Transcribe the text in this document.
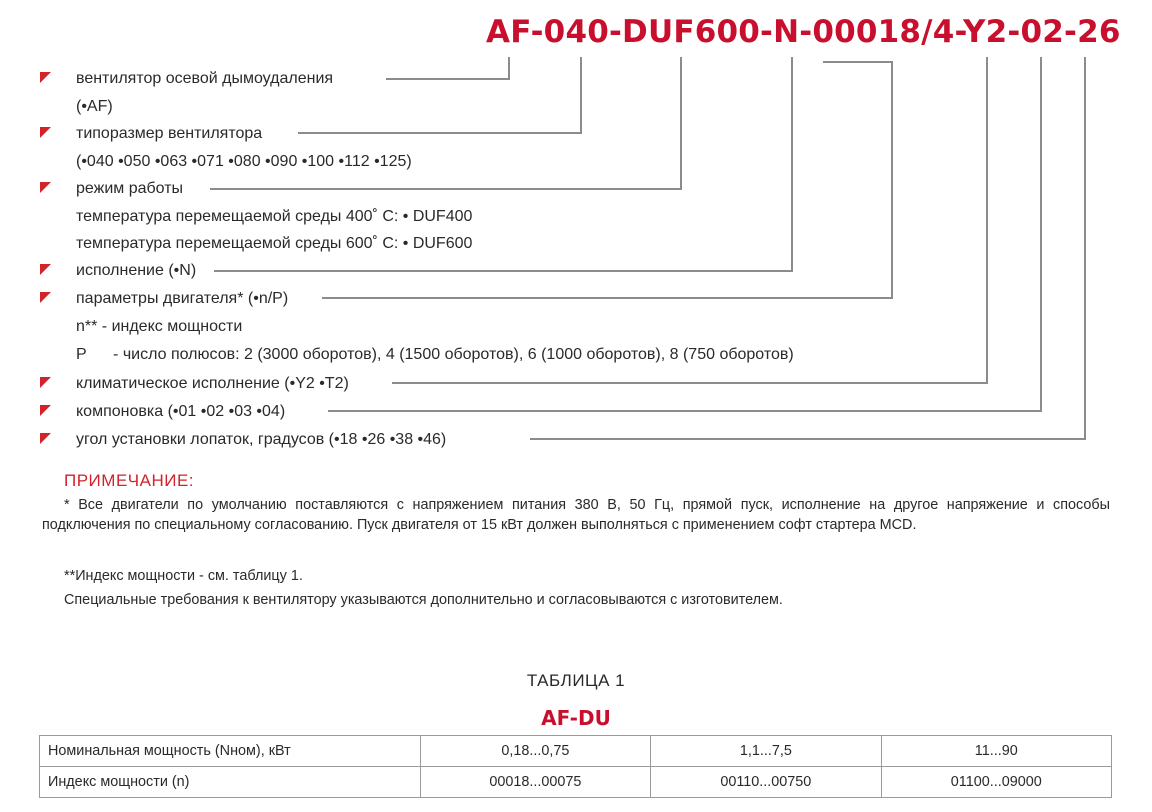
AF-040-DUF600-N-00018/4-Y2-02-26
вентилятор осевой дымоудаления
(•AF)
типоразмер вентилятора
(•040 •050 •063 •071 •080 •090 •100 •112 •125)
режим работы
температура перемещаемой среды 400˚ С: • DUF400
температура перемещаемой среды 600˚ С: • DUF600
исполнение (•N)
параметры двигателя* (•n/P)
n** - индекс мощности
P      - число полюсов: 2 (3000 оборотов), 4 (1500 оборотов), 6 (1000 оборотов), 8 (750 оборотов)
климатическое исполнение (•Y2 •T2)
компоновка (•01 •02 •03 •04)
угол установки лопаток, градусов (•18 •26 •38 •46)
ПРИМЕЧАНИЕ:
* Все двигатели по умолчанию поставляются с напряжением питания 380 В, 50 Гц, прямой пуск, исполнение на другое напряжение и способы подключения по специальному согласованию. Пуск двигателя от 15 кВт должен выполняться с применением софт стартера MCD.
**Индекс мощности - см. таблицу 1.
Специальные требования к вентилятору указываются дополнительно и согласовываются с изготовителем.
ТАБЛИЦА 1
AF-DU
Номинальная мощность (Nном), кВт	0,18...0,75	1,1...7,5	11...90
Индекс мощности (n)	00018...00075	00110...00750	01100...09000
